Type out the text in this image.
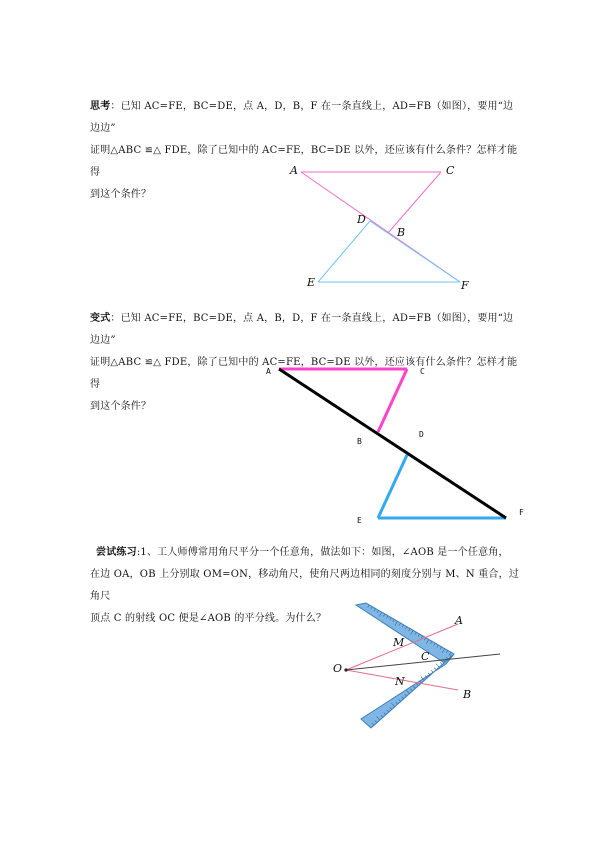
思考：已知 AC=FE，BC=DE，点 A，D，B，F 在一条直线上，AD=FB（如图），要用“边边边”
证明△ABC ≌△ FDE，除了已知中的 AC=FE，BC=DE 以外，还应该有什么条件？怎样才能得
到这个条件？
A	C
D
B
E	F
变式：已知 AC=FE，BC=DE，点 A，B，D，F 在一条直线上，AD=FB（如图），要用“边边边”
证明△ABC ≌△ FDE，除了已知中的 AC=FE，BC=DE 以外，还应该有什么条件？怎样才能得
到这个条件？
A	C
B
D
E
F
尝试练习:1、工人师傅常用角尺平分一个任意角，做法如下：如图，∠AOB 是一个任意角，
在边 OA，OB 上分别取 OM=ON，移动角尺，使角尺两边相同的刻度分别与 M、N 重合，过角尺
顶点 C 的射线 OC 便是∠AOB 的平分线。为什么？	A
M
C
O
N
B
